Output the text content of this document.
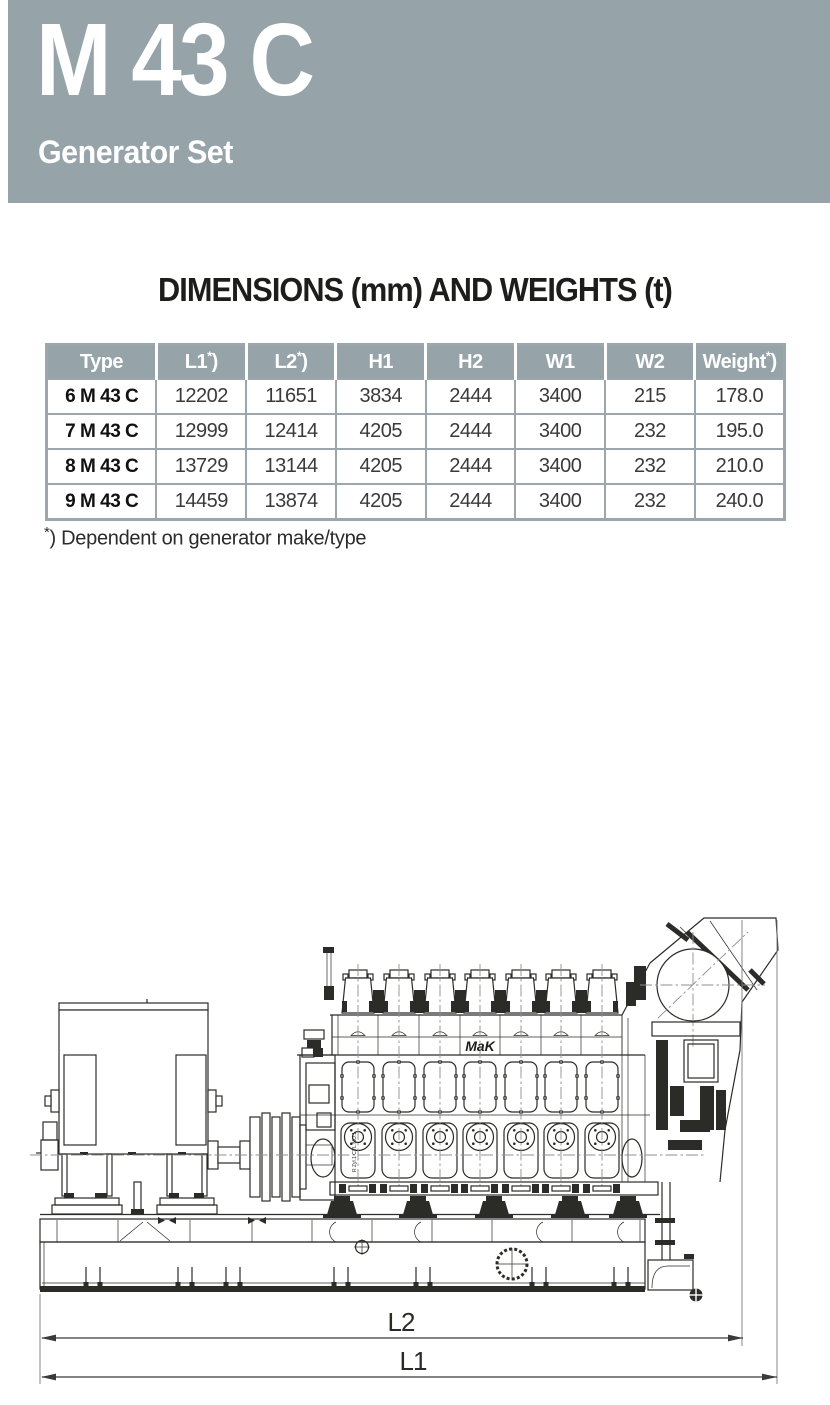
M 43 C
Generator Set
DIMENSIONS (mm) AND WEIGHTS (t)
Type	L1*)	L2*)	H1	H2	W1	W2	Weight*)
6 M 43 C	12202	11651	3834	2444	3400	215	178.0
7 M 43 C	12999	12414	4205	2444	3400	232	195.0
8 M 43 C	13729	13144	4205	2444	3400	232	210.0
9 M 43 C	14459	13874	4205	2444	3400	232	240.0
*) Dependent on generator make/type
MaK
R Zyl.1 CYL.NO.1
L2
L1
